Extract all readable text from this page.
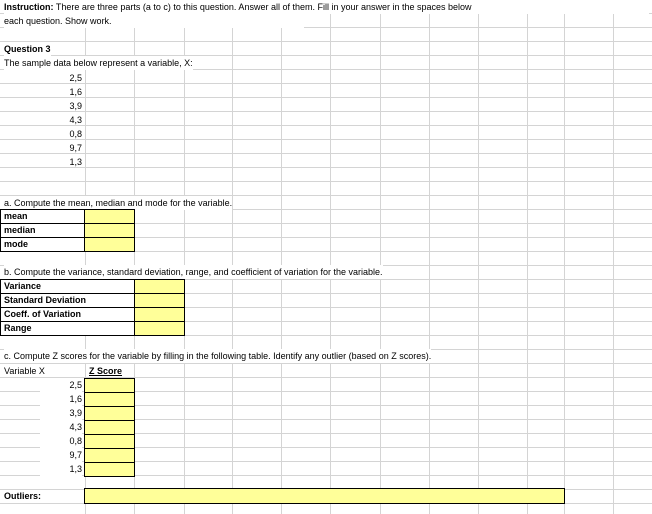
Instruction: There are three parts (a to c) to this question. Answer all of them. Fill in your answer in the spaces below
each question. Show work.
Question 3
The sample data below represent a variable, X:
2,5
1,6
3,9
4,3
0,8
9,7
1,3
a. Compute the mean, median and mode for the variable.
mean
median
mode
b. Compute the variance, standard deviation, range, and coefficient of variation for the variable.
Variance
Standard Deviation
Coeff. of Variation
Range
c. Compute Z scores for the variable by filling in the following table. Identify any outlier (based on Z scores).
Variable X	Z Score
2,5
1,6
3,9
4,3
0,8
9,7
1,3
Outliers:
